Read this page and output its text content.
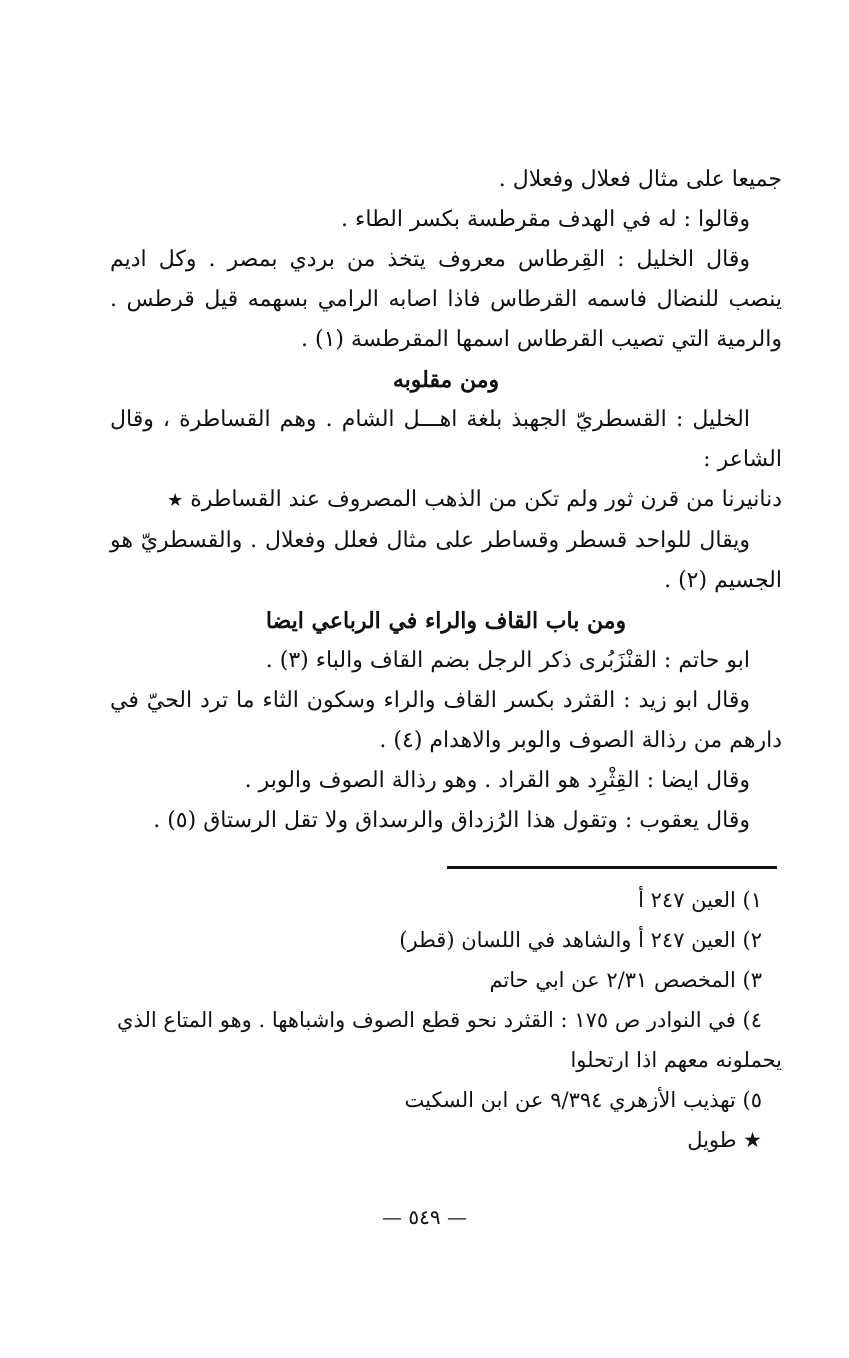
جميعا على مثال فعلال وفعلال .

وقالوا : له في الهدف مقرطسة بكسر الطاء .

وقال الخليل : القِرطاس معروف يتخذ من بردي بمصر . وكل اديم ينصب للنضال فاسمه القرطاس فاذا اصابه الرامي بسهمه قيل قرطس . والرمية التي تصيب القرطاس اسمها المقرطسة (١) .

ومن مقلوبه

الخليل : القسطريّ الجهبذ بلغة اهـــل الشام . وهم القساطرة ، وقال الشاعر :

دنانيرنا من قرن ثور ولم تكن من الذهب المصروف عند القساطرة ★

ويقال للواحد قسطر وقساطر على مثال فعلل وفعلال . والقسطريّ هو الجسيم (٢) .

ومن باب القاف والراء في الرباعي ايضا

ابو حاتم : القنْزَبُرى ذكر الرجل بضم القاف والباء (٣) .

وقال ابو زيد : القثرد بكسر القاف والراء وسكون الثاء ما ترد الحيّ في دارهم من رذالة الصوف والوبر والاهدام (٤) .

وقال ايضا : القِثْرِد هو القراد . وهو رذالة الصوف والوبر .

وقال يعقوب : وتقول هذا الرُزداق والرسداق ولا تقل الرستاق (٥) .

١) العين ٢٤٧ أ

٢) العين ٢٤٧ أ والشاهد في اللسان (قطر)

٣) المخصص ٢/٣١ عن ابي حاتم

٤) في النوادر ص ١٧٥ : القثرد نحو قطع الصوف واشباهها . وهو المتاع الذي يحملونه معهم اذا ارتحلوا

٥) تهذيب الأزهري ٩/٣٩٤ عن ابن السكيت

★ طويل

— ٥٤٩ —
